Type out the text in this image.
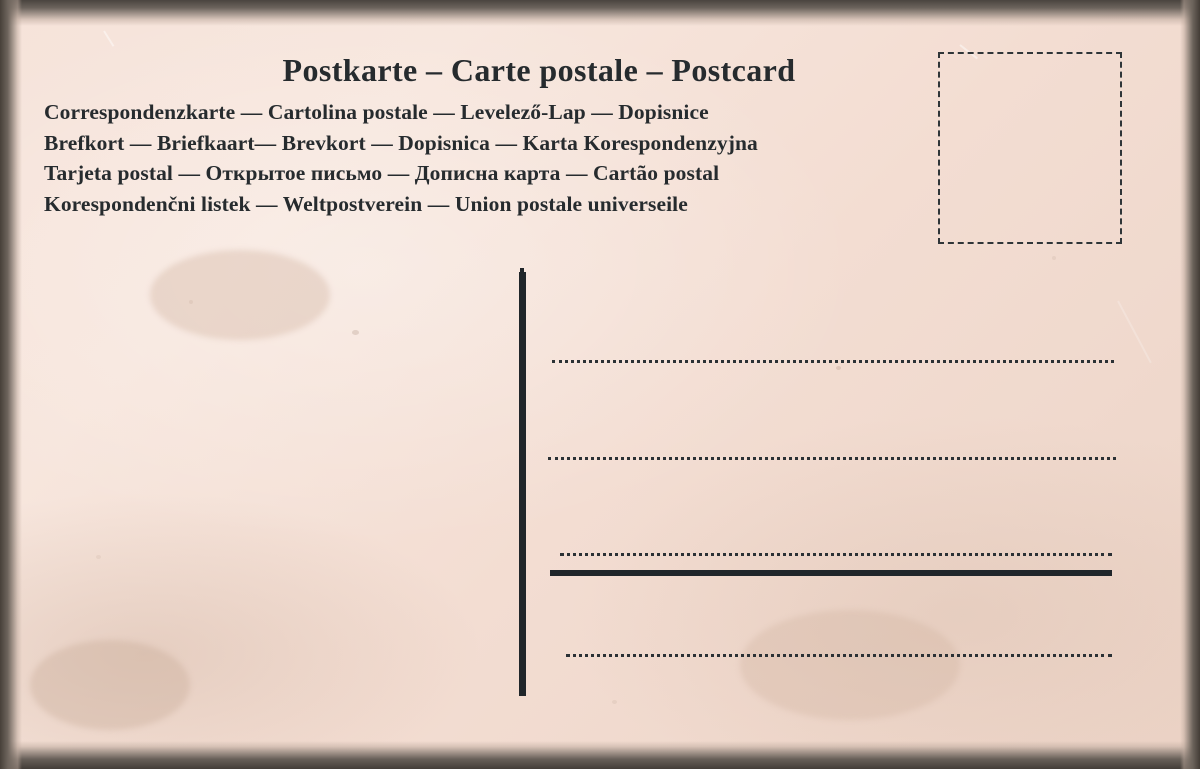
Postkarte – Carte postale – Postcard
Correspondenzkarte — Cartolina postale — Levelező-Lap — Dopisnice
Brefkort — Briefkaart— Brevkort — Dopisnica — Karta Korespondenzyjna
Tarjeta postal — Открытое письмо — Дописна карта — Cartão postal
Korespondenčni listek — Weltpostverein — Union postale universeile
